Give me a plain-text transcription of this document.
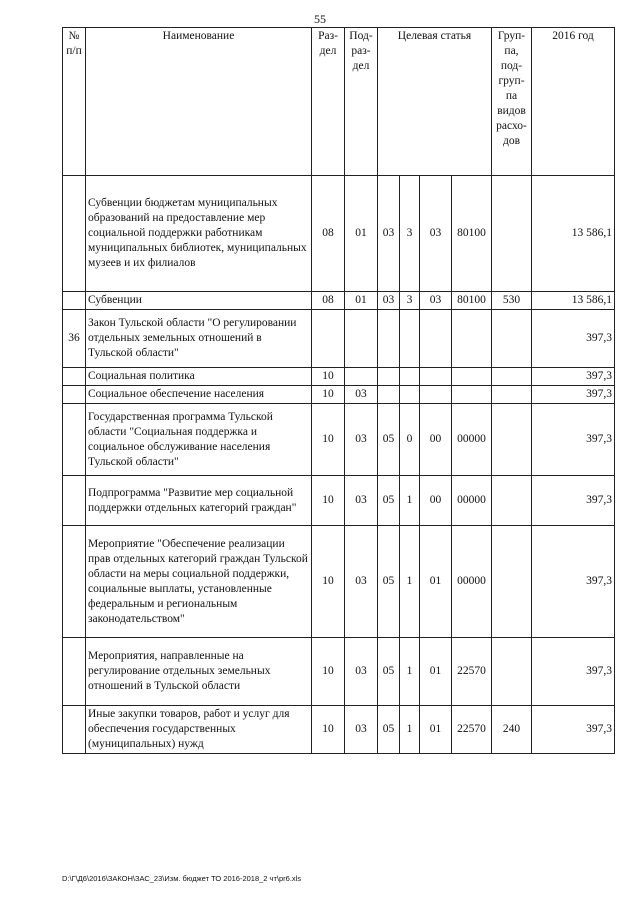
55
№ п/п	Наименование	Раз- дел	Под- раз- дел	Целевая статья				Груп- па, под- груп- па видов расхо- дов	2016 год
	Субвенции бюджетам муниципальных образований на предоставление мер социальной поддержки работникам муниципальных библиотек, муниципальных музеев и их филиалов	08	01	03	3	03	80100		13 586,1
	Субвенции	08	01	03	3	03	80100	530	13 586,1
36	Закон Тульской области "О регулировании отдельных земельных отношений в Тульской области"								397,3
	Социальная политика	10							397,3
	Социальное обеспечение населения	10	03						397,3
	Государственная программа Тульской области "Социальная поддержка и социальное обслуживание населения Тульской области"	10	03	05	0	00	00000		397,3
	Подпрограмма "Развитие мер социальной поддержки отдельных категорий граждан"	10	03	05	1	00	00000		397,3
	Мероприятие "Обеспечение реализации прав отдельных категорий граждан Тульской области на меры социальной поддержки, социальные выплаты, установленные федеральным и региональным законодательством"	10	03	05	1	01	00000		397,3
	Мероприятия, направленные на регулирование отдельных земельных отношений в Тульской области	10	03	05	1	01	22570		397,3
	Иные закупки товаров, работ и услуг для обеспечения государственных (муниципальных) нужд	10	03	05	1	01	22570	240	397,3
D:\Г\Д6\2016\ЗАКОН\ЗАС_23\Изм. бюджет ТО 2016-2018_2 чт\pr6.xls
